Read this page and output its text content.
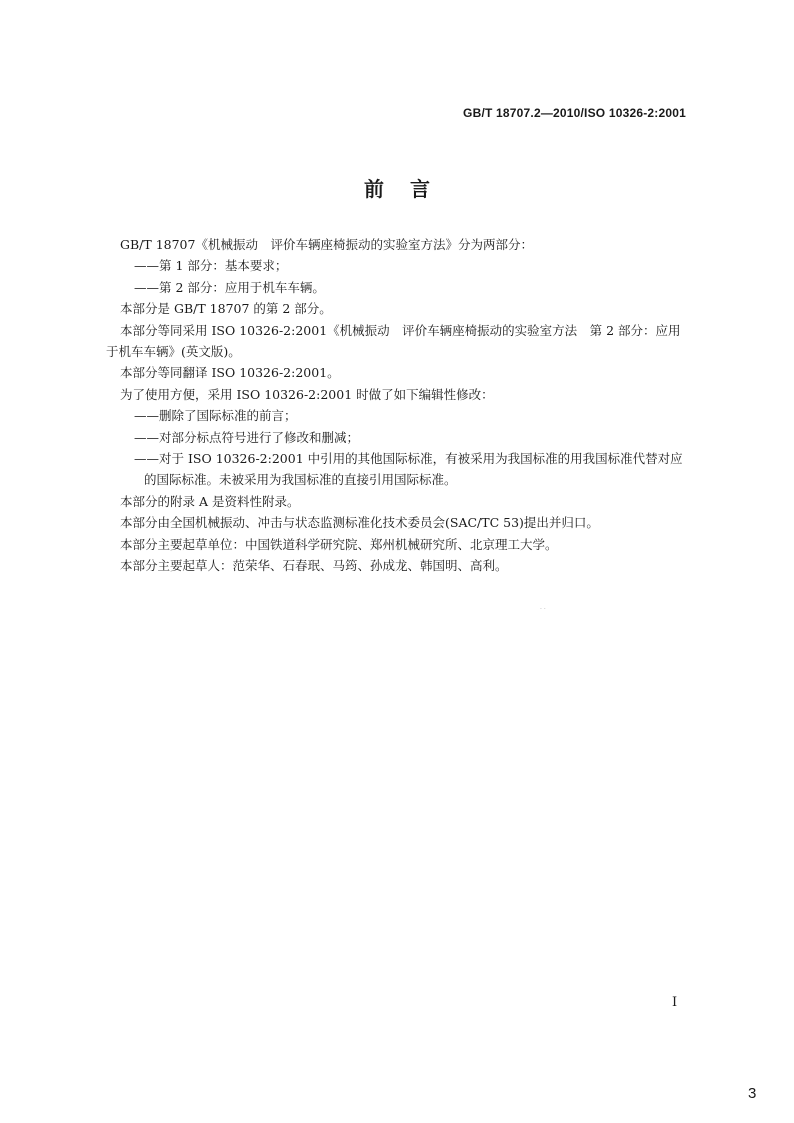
GB/T 18707.2—2010/ISO 10326-2:2001
前言

GB/T 18707《机械振动　评价车辆座椅振动的实验室方法》分为两部分：

——第 1 部分：基本要求；

——第 2 部分：应用于机车车辆。

本部分是 GB/T 18707 的第 2 部分。

本部分等同采用 ISO 10326-2:2001《机械振动　评价车辆座椅振动的实验室方法　第 2 部分：应用

于机车车辆》(英文版)。

本部分等同翻译 ISO 10326-2:2001。

为了使用方便，采用 ISO 10326-2:2001 时做了如下编辑性修改：

——删除了国际标准的前言；

——对部分标点符号进行了修改和删减；

——对于 ISO 10326-2:2001 中引用的其他国际标准，有被采用为我国标准的用我国标准代替对应

的国际标准。未被采用为我国标准的直接引用国际标准。

本部分的附录 A 是资料性附录。

本部分由全国机械振动、冲击与状态监测标准化技术委员会(SAC/TC 53)提出并归口。

本部分主要起草单位：中国铁道科学研究院、郑州机械研究所、北京理工大学。

本部分主要起草人：范荣华、石春珉、马筠、孙成龙、韩国明、高利。

· ·
I
3
